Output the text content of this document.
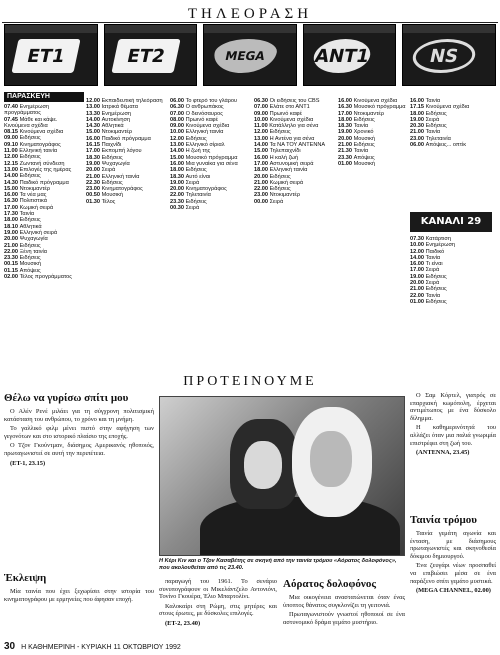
ΤΗΛΕΟΡΑΣΗ
ET1	ET2	MEGA	ANT1	NS
ΠΑΡΑΣΚΕΥΗ
07.40 Ενημέρωση προγράμματος
07.45 Μάθε και κάψε. Κινούμενα σχέδια
08.15 Κινούμενα σχέδια
09.00 Ειδήσεις
09.10 Κινηματογράφος
11.00 Ελληνική ταινία
12.00 Ειδήσεις
12.15 Ζωντανή σύνδεση
13.00 Επιλογές της ημέρας
14.00 Ειδήσεις
14.30 Παιδικό πρόγραμμα
15.00 Ντοκιμαντέρ
16.00 Τα νέα μας
16.30 Πολιτιστικά
17.00 Κωμική σειρά
17.30 Ταινία
18.00 Ειδήσεις
18.10 Αθλητικά
19.00 Ελληνική σειρά
20.00 Ψυχαγωγία
21.00 Ειδήσεις
22.00 Ξένη ταινία
23.30 Ειδήσεις
00.15 Μουσική
01.15 Απόψεις
02.00 Τέλος προγράμματος
12.00 Εκπαιδευτική τηλεόραση
13.00 Ιατρικά θέματα
13.30 Ενημέρωση
14.00 Αυτοκίνηση
14.30 Αθλητικά
15.00 Ντοκιμαντέρ
16.00 Παιδικό πρόγραμμα
16.15 Παιχνίδι
17.00 Εκπομπή λόγου
18.30 Ειδήσεις
19.00 Ψυχαγωγία
20.00 Σειρά
21.00 Ελληνική ταινία
22.30 Ειδήσεις
23.00 Κινηματογράφος
00.50 Μουσική
01.30 Τέλος
06.00 Το φτερό του γλάρου
06.30 Ο ανθρωπάκος
07.00 Ο δεινόσαυρος
08.00 Πρωινό καφέ
09.00 Κινούμενα σχέδια
10.00 Ελληνική ταινία
12.00 Ειδήσεις
13.00 Ελληνικό σίριαλ
14.00 Η ζωή της
15.00 Μουσικό πρόγραμμα
16.00 Μια γυναίκα για σένα
18.00 Ειδήσεις
18.30 Αυτό είναι
19.00 Σειρά
20.00 Κινηματογράφος
22.00 Τηλεταινία
23.30 Ειδήσεις
00.30 Σειρά
06.30 Οι ειδήσεις του CBS
07.00 Ελάτε στο ΑΝΤ1
09.00 Πρωινό καφέ
10.00 Κινούμενα σχέδια
11.00 Κατάλληλο για σένα
12.00 Ειδήσεις
13.00 Η Αντένα για σένα
14.00 Τα ΝΑ ΤΟΥ ΑΝΤΕΝΝΑ
15.00 Τηλεπαιχνίδι
16.00 Η καλή ζωή
17.00 Αστυνομική σειρά
18.00 Ελληνική ταινία
20.00 Ειδήσεις
21.00 Κωμική σειρά
22.00 Ειδήσεις
23.00 Ντοκιμαντέρ
00.00 Σειρά
16.00 Κινούμενα σχέδια
16.30 Μουσικό πρόγραμμα
17.00 Ντοκιμαντέρ
18.00 Ειδήσεις
18.30 Ταινία
19.00 Χρονικό
20.00 Μουσική
21.00 Ειδήσεις
21.30 Ταινία
23.30 Απόψεις
01.00 Μουσική
16.00 Ταινία
17.15 Κινούμενα σχέδια
18.00 Ειδήσεις
19.00 Σειρά
20.30 Ειδήσεις
21.00 Ταινία
23.00 Τηλεταινία
06.00 Απόψεις... οπτίκ
ΚΑΝΑΛΙ 29
07.30 Κατάρτιση
10.00 Ενημέρωση
12.00 Παιδικό
14.00 Ταινία
16.00 Τι είναι
17.00 Σειρά
19.00 Ειδήσεις
20.00 Σειρά
21.00 Ειδήσεις
22.00 Ταινία
01.00 Ειδήσεις
ΠΡΟΤΕΙΝΟΥΜΕ
Θέλω να γυρίσω σπίτι μου

Ο Αλέν Ρενέ μιλάει για τη σύγχρονη πολιτισμική κατάσταση του ανθρώπου, το χρόνο και τη μνήμη.

Το γαλλικό φιλμ μένει πιστό στην αφήγηση των γεγονότων και στο ιστορικό πλαίσιο της εποχής.

Ο Τζον Γκούντμαν, διάσημος Αμερικανός ηθοποιός, πρωταγωνιστεί σε αυτή την περιπέτεια.

(ΕΤ-1, 23.15)

Έκλειψη

Μία ταινία που έχει ξεχωρίσει στην ιστορία του κινηματογράφου με ερμηνείες που άφησαν εποχή.

Η Κέρι Κιν και ο Τζον Κασαβέτης σε σκηνή από την ταινία τρόμου «Αόρατος δολοφόνος», που ακολουθείται από τις 23.40.

παραγωγή του 1961. Το σενάριο συνυπογράφουν οι Μικελάντζελο Αντονιόνι, Τονίνο Γκουέρα, Έλιο Μπαρτολίνι.

Καλοκαίρι στη Ρώμη, στις μητέρες και στους έρωτες, με δύσκολες επιλογές.

(ΕΤ-2, 23.40)

Αόρατος δολοφόνος

Μια οικογένεια αναστατώνεται όταν ένας ύποπτος θάνατος συγκλονίζει τη γειτονιά.

Πρωταγωνιστούν γνωστοί ηθοποιοί σε ένα αστυνομικό δράμα γεμάτο μυστήριο.

Ο Σαμ Κόρτελ, γιατρός σε επαρχιακή κωμόπολη, έρχεται αντιμέτωπος με ένα δύσκολο δίλημμα.

Η καθημερινότητά του αλλάζει όταν μια παλιά γνωριμία επιστρέφει στη ζωή του.

(ANTENNA, 23.45)

Ταινία τρόμου

Ταινία γεμάτη αγωνία και ένταση, με διάσημους πρωταγωνιστές και σκηνοθεσία δόκιμου δημιουργού.

Ένα ζευγάρι νέων προσπαθεί να επιβιώσει μέσα σε ένα παράξενο σπίτι γεμάτο μυστικά.

(MEGA CHANNEL, 02.00)

30 Η ΚΑΘΗΜΕΡΙΝΗ - ΚΥΡΙΑΚΗ 11 ΟΚΤΩΒΡΙΟΥ 1992
